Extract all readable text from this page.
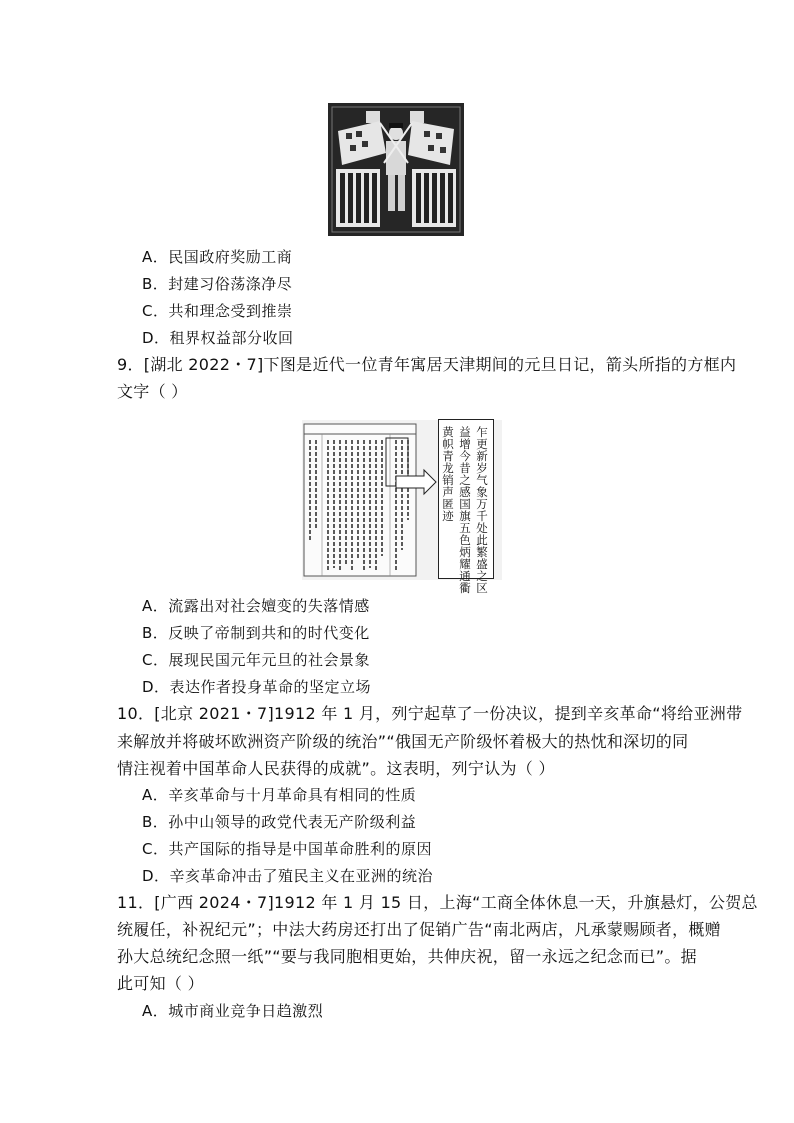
A．民国政府奖励工商
B．封建习俗荡涤净尽
C．共和理念受到推崇
D．租界权益部分收回
9．[湖北 2022・7]下图是近代一位青年寓居天津期间的元旦日记，箭头所指的方框内
文字（ ）
乍更新岁气象万千处此繁盛之区
益增今昔之感国旗五色炳耀通衢
黄帜青龙销声匿迹
A．流露出对社会嬗变的失落情感
B．反映了帝制到共和的时代变化
C．展现民国元年元旦的社会景象
D．表达作者投身革命的坚定立场
10．[北京 2021・7]1912 年 1 月，列宁起草了一份决议，提到辛亥革命“将给亚洲带
来解放并将破坏欧洲资产阶级的统治”“俄国无产阶级怀着极大的热忱和深切的同
情注视着中国革命人民获得的成就”。这表明，列宁认为（ ）
A．辛亥革命与十月革命具有相同的性质
B．孙中山领导的政党代表无产阶级利益
C．共产国际的指导是中国革命胜利的原因
D．辛亥革命冲击了殖民主义在亚洲的统治
11．[广西 2024・7]1912 年 1 月 15 日，上海“工商全体休息一天，升旗悬灯，公贺总
统履任，补祝纪元”；中法大药房还打出了促销广告“南北两店，凡承蒙赐顾者，概赠
孙大总统纪念照一纸”“要与我同胞相更始，共伸庆祝，留一永远之纪念而已”。据
此可知（ ）
A．城市商业竞争日趋激烈
